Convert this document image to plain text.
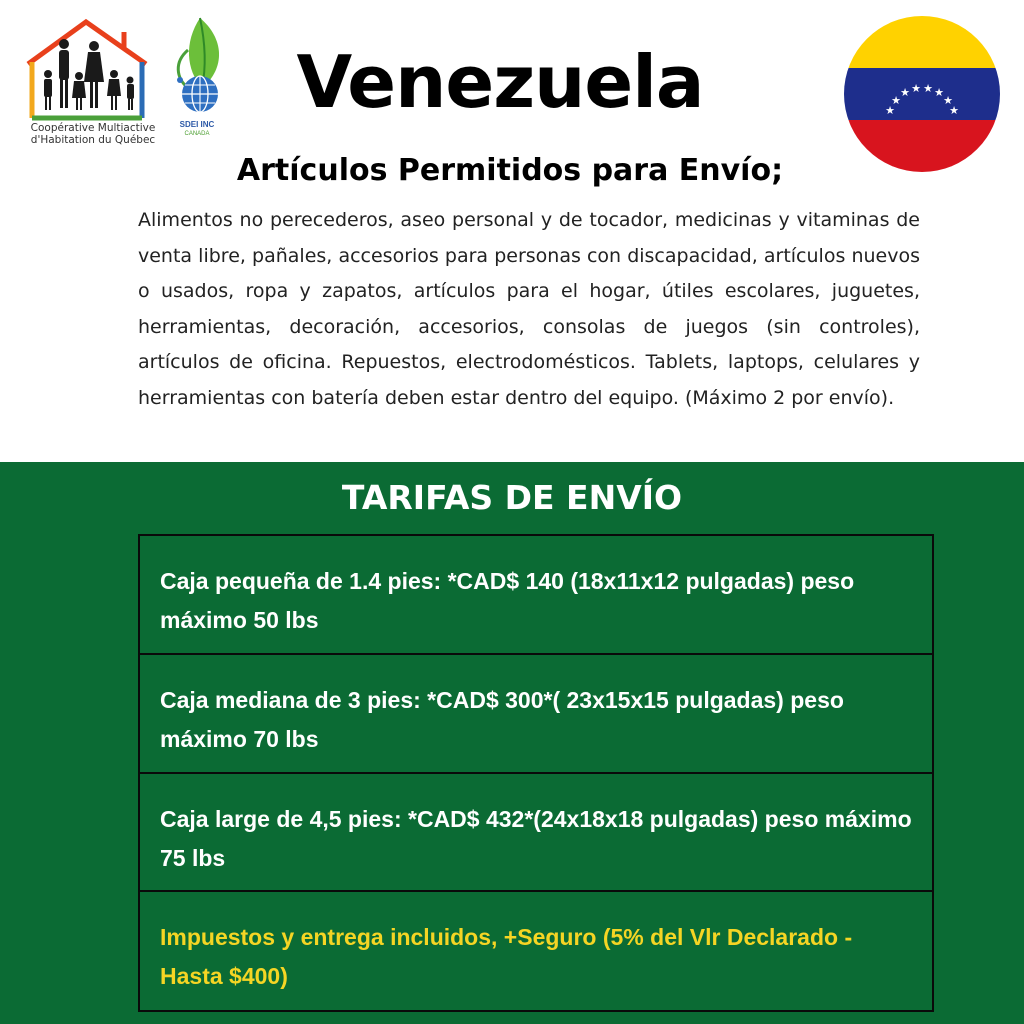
Coopérative Multiactive
d'Habitation du Québec
SDEI INC
CANADA
Venezuela	★
★
★ ★ ★ ★
★
★
Artículos Permitidos para Envío;
Alimentos no perecederos, aseo personal y de tocador, medicinas y vitaminas de venta libre, pañales, accesorios para personas con discapacidad, artículos nuevos o usados, ropa y zapatos, artículos para el hogar, útiles escolares, juguetes, herramientas, decoración, accesorios, consolas de juegos (sin controles), artículos de oficina. Repuestos, electrodomésticos. Tablets, laptops, celulares y herramientas con batería deben estar dentro del equipo. (Máximo 2 por envío).
TARIFAS DE ENVÍO
Caja pequeña de 1.4 pies: *CAD$ 140 (18x11x12 pulgadas) peso máximo 50 lbs
Caja mediana de 3 pies: *CAD$ 300*( 23x15x15 pulgadas) peso máximo 70 lbs
Caja large de 4,5 pies: *CAD$ 432*(24x18x18 pulgadas) peso máximo 75 lbs
Impuestos y entrega incluidos, +Seguro (5% del Vlr Declarado - Hasta $400)
